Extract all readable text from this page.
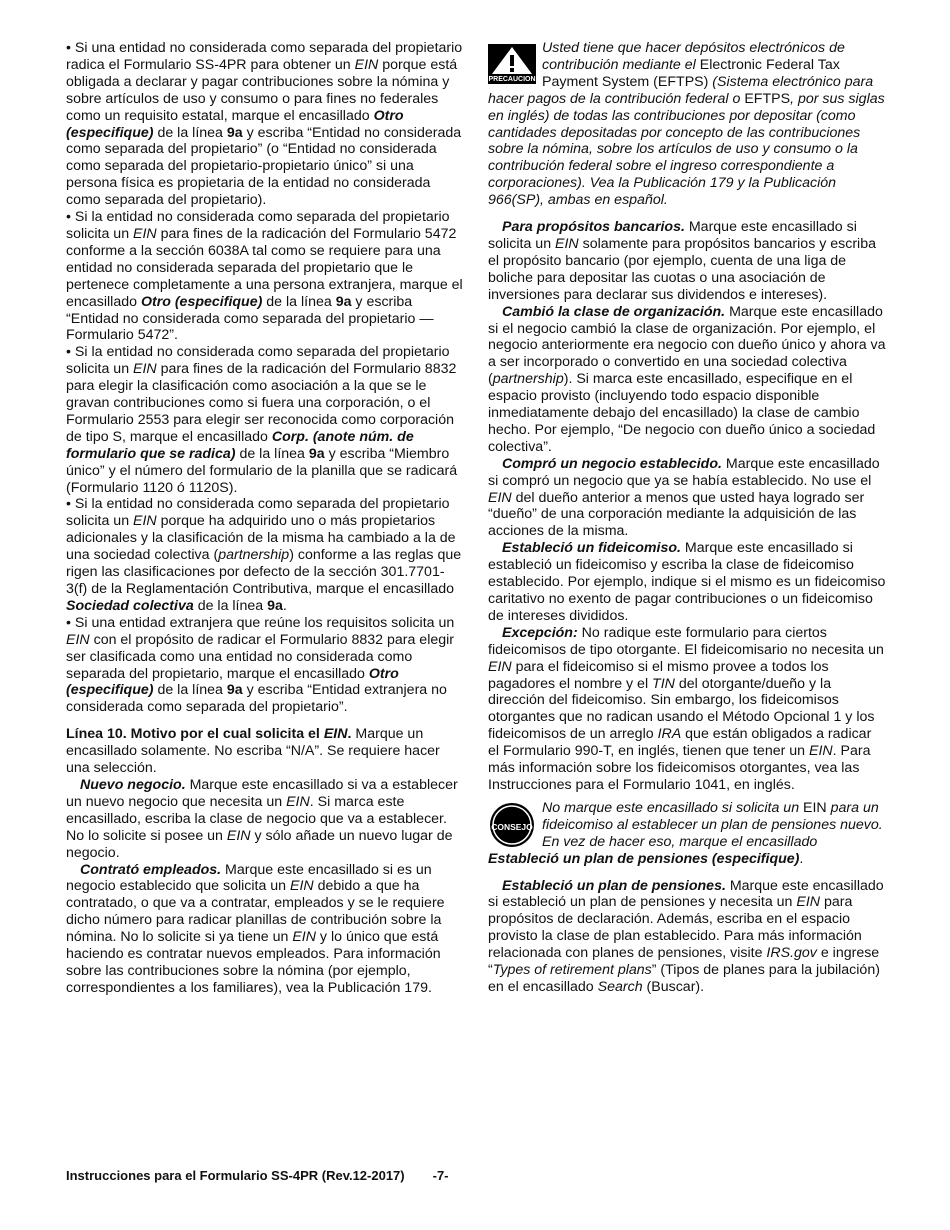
• Si una entidad no considerada como separada del propietario radica el Formulario SS-4PR para obtener un EIN porque está obligada a declarar y pagar contribuciones sobre la nómina y sobre artículos de uso y consumo o para fines no federales como un requisito estatal, marque el encasillado Otro (especifique) de la línea 9a y escriba “Entidad no considerada como separada del propietario” (o “Entidad no considerada como separada del propietario-propietario único” si una persona física es propietaria de la entidad no considerada como separada del propietario).

• Si la entidad no considerada como separada del propietario solicita un EIN para fines de la radicación del Formulario 5472 conforme a la sección 6038A tal como se requiere para una entidad no considerada separada del propietario que le pertenece completamente a una persona extranjera, marque el encasillado Otro (especifique) de la línea 9a y escriba “Entidad no considerada como separada del propietario —Formulario 5472”.

• Si la entidad no considerada como separada del propietario solicita un EIN para fines de la radicación del Formulario 8832 para elegir la clasificación como asociación a la que se le gravan contribuciones como si fuera una corporación, o el Formulario 2553 para elegir ser reconocida como corporación de tipo S, marque el encasillado Corp. (anote núm. de formulario que se radica) de la línea 9a y escriba “Miembro único” y el número del formulario de la planilla que se radicará (Formulario 1120 ó 1120S).

• Si la entidad no considerada como separada del propietario solicita un EIN porque ha adquirido uno o más propietarios adicionales y la clasificación de la misma ha cambiado a la de una sociedad colectiva (partnership) conforme a las reglas que rigen las clasificaciones por defecto de la sección 301.7701-3(f) de la Reglamentación Contributiva, marque el encasillado Sociedad colectiva de la línea 9a.

• Si una entidad extranjera que reúne los requisitos solicita un EIN con el propósito de radicar el Formulario 8832 para elegir ser clasificada como una entidad no considerada como separada del propietario, marque el encasillado Otro (especifique) de la línea 9a y escriba “Entidad extranjera no considerada como separada del propietario”.

Línea 10. Motivo por el cual solicita el EIN. Marque un encasillado solamente. No escriba “N/A”. Se requiere hacer una selección.

Nuevo negocio. Marque este encasillado si va a establecer un nuevo negocio que necesita un EIN. Si marca este encasillado, escriba la clase de negocio que va a establecer. No lo solicite si posee un EIN y sólo añade un nuevo lugar de negocio.

Contrató empleados. Marque este encasillado si es un negocio establecido que solicita un EIN debido a que ha contratado, o que va a contratar, empleados y se le requiere dicho número para radicar planillas de contribución sobre la nómina. No lo solicite si ya tiene un EIN y lo único que está haciendo es contratar nuevos empleados. Para información sobre las contribuciones sobre la nómina (por ejemplo, correspondientes a los familiares), vea la Publicación 179.

PRECAUCION

Usted tiene que hacer depósitos electrónicos de contribución mediante el Electronic Federal Tax Payment System (EFTPS) (Sistema electrónico para hacer pagos de la contribución federal o EFTPS, por sus siglas en inglés) de todas las contribuciones por depositar (como cantidades depositadas por concepto de las contribuciones sobre la nómina, sobre los artículos de uso y consumo o la contribución federal sobre el ingreso correspondiente a corporaciones). Vea la Publicación 179 y la Publicación 966(SP), ambas en español.

Para propósitos bancarios. Marque este encasillado si solicita un EIN solamente para propósitos bancarios y escriba el propósito bancario (por ejemplo, cuenta de una liga de boliche para depositar las cuotas o una asociación de inversiones para declarar sus dividendos e intereses).

Cambió la clase de organización. Marque este encasillado si el negocio cambió la clase de organización. Por ejemplo, el negocio anteriormente era negocio con dueño único y ahora va a ser incorporado o convertido en una sociedad colectiva (partnership). Si marca este encasillado, especifique en el espacio provisto (incluyendo todo espacio disponible inmediatamente debajo del encasillado) la clase de cambio hecho. Por ejemplo, “De negocio con dueño único a sociedad colectiva”.

Compró un negocio establecido. Marque este encasillado si compró un negocio que ya se había establecido. No use el EIN del dueño anterior a menos que usted haya logrado ser “dueño” de una corporación mediante la adquisición de las acciones de la misma.

Estableció un fideicomiso. Marque este encasillado si estableció un fideicomiso y escriba la clase de fideicomiso establecido. Por ejemplo, indique si el mismo es un fideicomiso caritativo no exento de pagar contribuciones o un fideicomiso de intereses divididos.

Excepción: No radique este formulario para ciertos fideicomisos de tipo otorgante. El fideicomisario no necesita un EIN para el fideicomiso si el mismo provee a todos los pagadores el nombre y el TIN del otorgante/dueño y la dirección del fideicomiso. Sin embargo, los fideicomisos otorgantes que no radican usando el Método Opcional 1 y los fideicomisos de un arreglo IRA que están obligados a radicar el Formulario 990-T, en inglés, tienen que tener un EIN. Para más información sobre los fideicomisos otorgantes, vea las Instrucciones para el Formulario 1041, en inglés.

CONSEJO

No marque este encasillado si solicita un EIN para un fideicomiso al establecer un plan de pensiones nuevo. En vez de hacer eso, marque el encasillado Estableció un plan de pensiones (especifique).

Estableció un plan de pensiones. Marque este encasillado si estableció un plan de pensiones y necesita un EIN para propósitos de declaración. Además, escriba en el espacio provisto la clase de plan establecido. Para más información relacionada con planes de pensiones, visite IRS.gov e ingrese “Types of retirement plans” (Tipos de planes para la jubilación) en el encasillado Search (Buscar).

Instrucciones para el Formulario SS-4PR (Rev.12-2017) -7-
